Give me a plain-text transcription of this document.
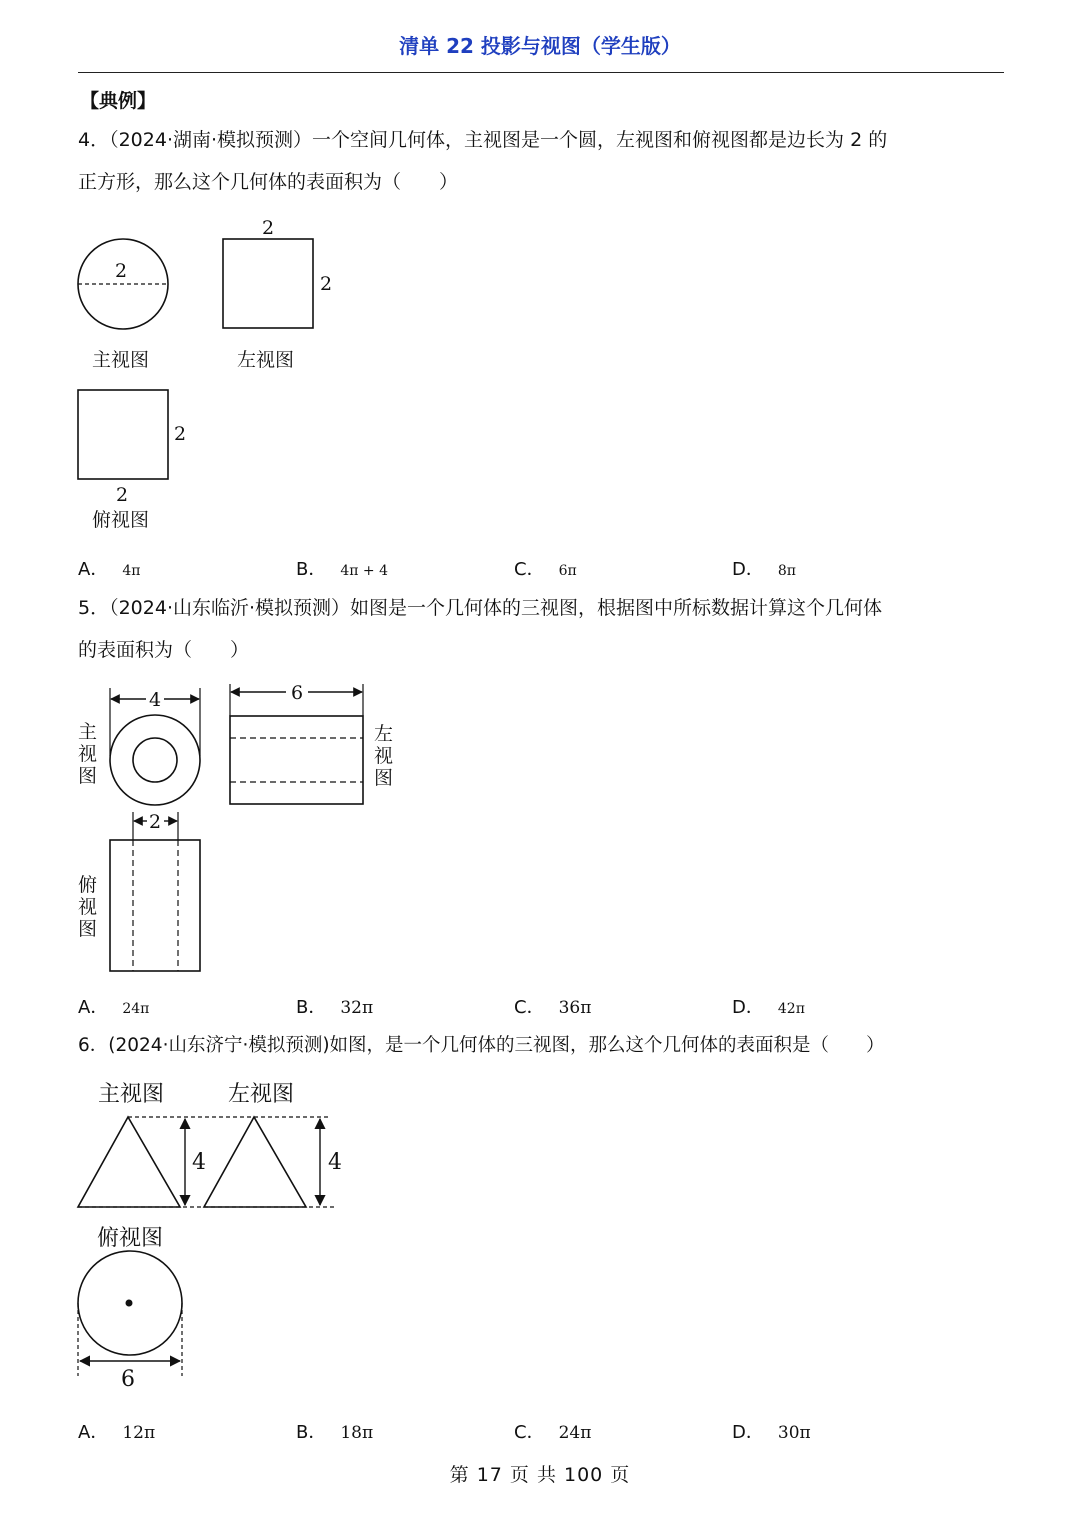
清单 22 投影与视图（学生版）
【典例】
4．（2024·湖南·模拟预测）一个空间几何体，主视图是一个圆，左视图和俯视图都是边长为 2 的
正方形，那么这个几何体的表面积为（　　）
2
主视图
2
2
左视图
2
2
俯视图
A． 4π	B． 4π + 4	C． 6π	D． 8π
5．（2024·山东临沂·模拟预测）如图是一个几何体的三视图，根据图中所标数据计算这个几何体
的表面积为（　　）
4
主
视
图
6
左
视
图
2
俯
视
图
A． 24π	B． 32π	C． 36π	D． 42π
6．(2024·山东济宁·模拟预测)如图，是一个几何体的三视图，那么这个几何体的表面积是（　　）
主视图	左视图
4	4
俯视图
6
A． 12π	B． 18π	C． 24π	D． 30π
第 17 页 共 100 页
